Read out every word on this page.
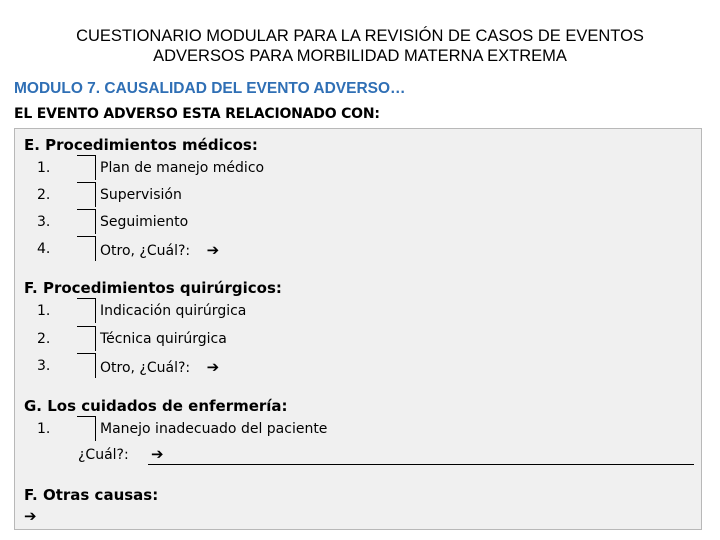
CUESTIONARIO MODULAR PARA LA REVISIÓN DE CASOS DE EVENTOS
ADVERSOS PARA MORBILIDAD MATERNA EXTREMA
MODULO 7. CAUSALIDAD DEL EVENTO ADVERSO…
EL EVENTO ADVERSO ESTA RELACIONADO CON:
E. Procedimientos médicos:
1.	Plan de manejo médico
2.	Supervisión
3.	Seguimiento
4.	Otro, ¿Cuál?: ➔
F. Procedimientos quirúrgicos:
1.	Indicación quirúrgica
2.	Técnica quirúrgica
3.	Otro, ¿Cuál?: ➔
G. Los cuidados de enfermería:
1.	Manejo inadecuado del paciente
¿Cuál?: ➔
F. Otras causas:
➔
